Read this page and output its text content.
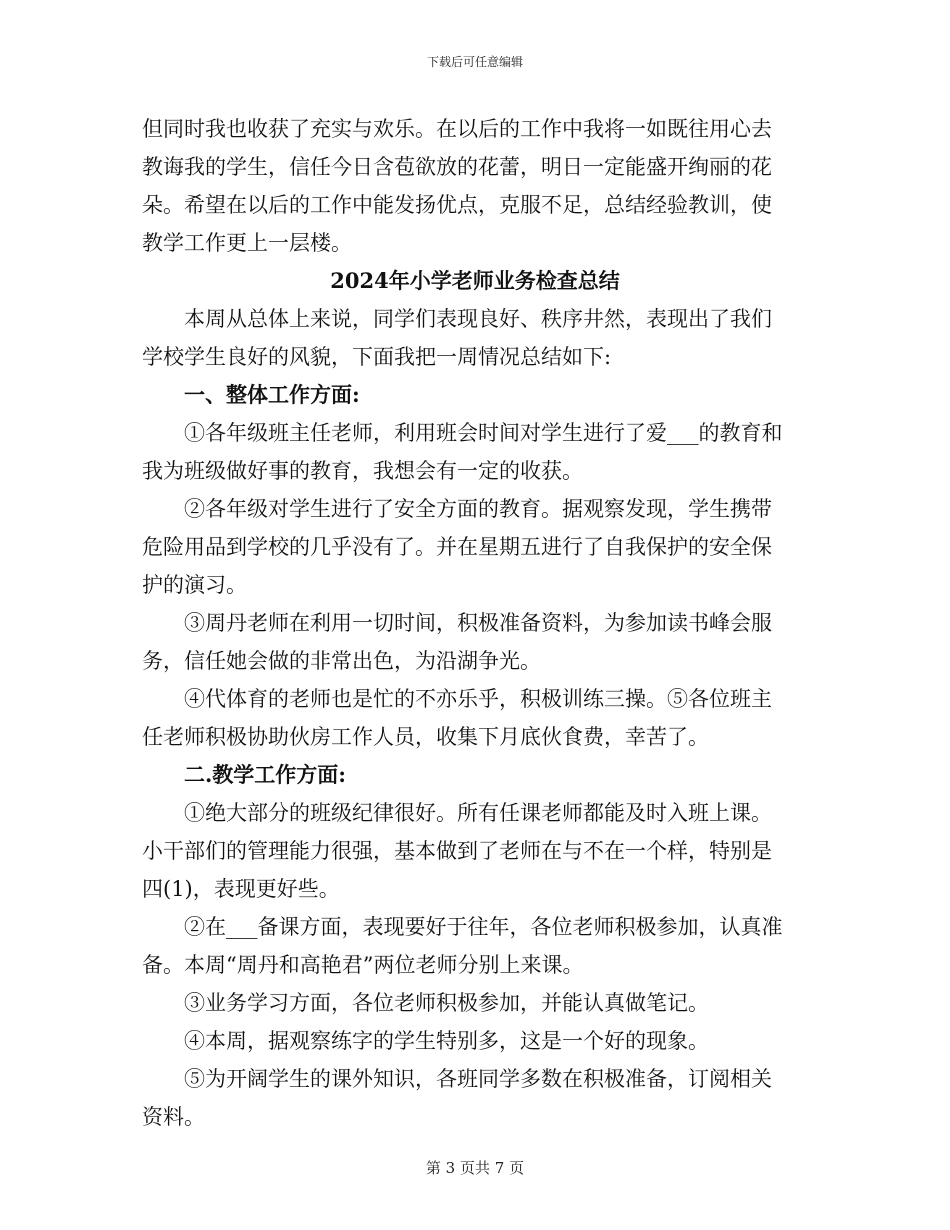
下载后可任意编辑
但同时我也收获了充实与欢乐。在以后的工作中我将一如既往用心去
教诲我的学生，信任今日含苞欲放的花蕾，明日一定能盛开绚丽的花
朵。希望在以后的工作中能发扬优点，克服不足，总结经验教训，使
教学工作更上一层楼。
2024年小学老师业务检查总结
本周从总体上来说，同学们表现良好、秩序井然，表现出了我们
学校学生良好的风貌，下面我把一周情况总结如下:
一、整体工作方面:
①各年级班主任老师，利用班会时间对学生进行了爱___的教育和
我为班级做好事的教育，我想会有一定的收获。
②各年级对学生进行了安全方面的教育。据观察发现，学生携带
危险用品到学校的几乎没有了。并在星期五进行了自我保护的安全保
护的演习。
③周丹老师在利用一切时间，积极准备资料，为参加读书峰会服
务，信任她会做的非常出色，为沿湖争光。
④代体育的老师也是忙的不亦乐乎，积极训练三操。⑤各位班主
任老师积极协助伙房工作人员，收集下月底伙食费，幸苦了。
二.教学工作方面:
①绝大部分的班级纪律很好。所有任课老师都能及时入班上课。
小干部们的管理能力很强，基本做到了老师在与不在一个样，特别是
四(1)，表现更好些。
②在___备课方面，表现要好于往年，各位老师积极参加，认真准
备。本周“周丹和高艳君”两位老师分别上来课。
③业务学习方面，各位老师积极参加，并能认真做笔记。
④本周，据观察练字的学生特别多，这是一个好的现象。
⑤为开阔学生的课外知识，各班同学多数在积极准备，订阅相关
资料。
第 3 页共 7 页
